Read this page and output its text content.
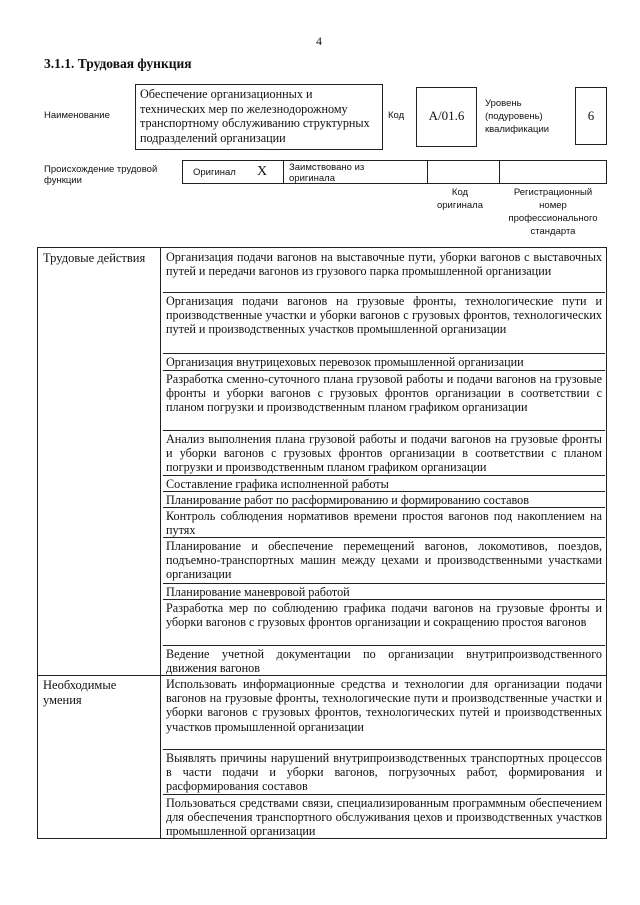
4
3.1.1. Трудовая функция
Наименование
Обеспечение организационных и технических мер по железнодорожному транспортному обслуживанию структурных подразделений организации
Код	А/01.6
Уровень (подуровень) квалификации
6
Происхождение трудовой функции
Оригинал X Заимствовано из оригинала
Код оригинала
Регистрационный номер профессионального стандарта
Трудовые действия	Организация подачи вагонов на выставочные пути, уборки вагонов с выставочных путей и передачи вагонов из грузового парка промышленной организации
Организация подачи вагонов на грузовые фронты, технологические пути и производственные участки и уборки вагонов с грузовых фронтов, технологических путей и производственных участков промышленной организации
Организация внутрицеховых перевозок промышленной организации
Разработка сменно-суточного плана грузовой работы и подачи вагонов на грузовые фронты и уборки вагонов с грузовых фронтов организации в соответствии с планом погрузки и производственным планом графиком организации
Анализ выполнения плана грузовой работы и подачи вагонов на грузовые фронты и уборки вагонов с грузовых фронтов организации в соответствии с планом погрузки и производственным планом графиком организации
Составление графика исполненной работы
Планирование работ по расформированию и формированию составов
Контроль соблюдения нормативов времени простоя вагонов под накоплением на путях
Планирование и обеспечение перемещений вагонов, локомотивов, поездов, подъемно-транспортных машин между цехами и производственными участками организации
Планирование маневровой работой
Разработка мер по соблюдению графика подачи вагонов на грузовые фронты и уборки вагонов с грузовых фронтов организации и сокращению простоя вагонов
Ведение учетной документации по организации внутрипроизводственного движения вагонов
Необходимые умения
Использовать информационные средства и технологии для организации подачи вагонов на грузовые фронты, технологические пути и производственные участки и уборки вагонов с грузовых фронтов, технологических путей и производственных участков промышленной организации
Выявлять причины нарушений внутрипроизводственных транспортных процессов в части подачи и уборки вагонов, погрузочных работ, формирования и расформирования составов
Пользоваться средствами связи, специализированным программным обеспечением для обеспечения транспортного обслуживания цехов и производственных участков промышленной организации
